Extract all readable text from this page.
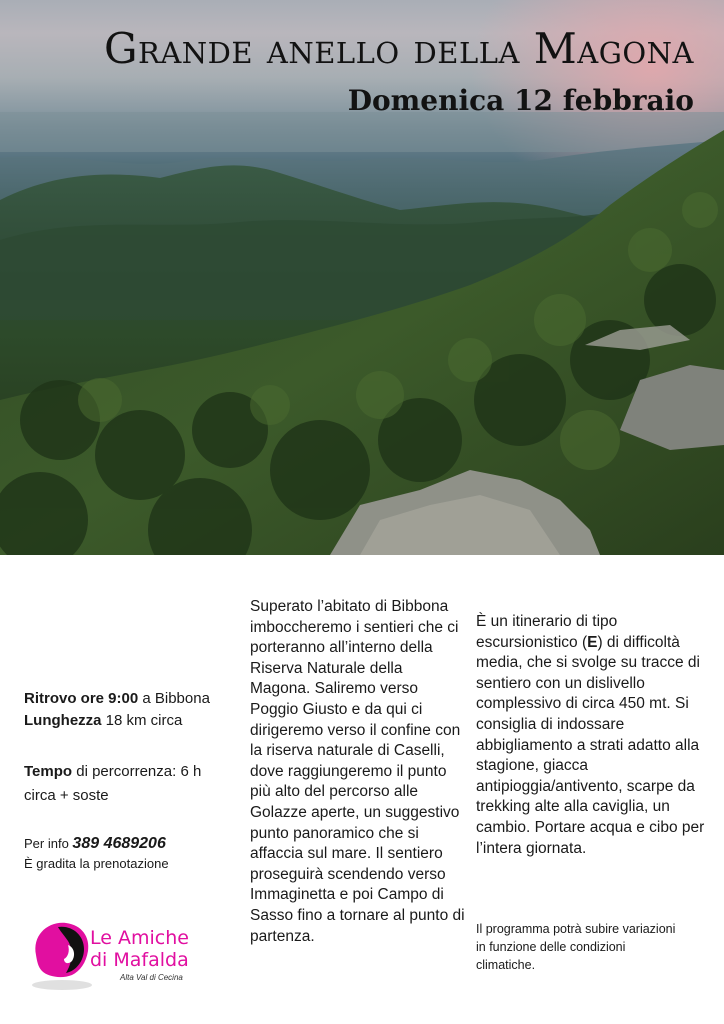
Grande anello della Magona
Domenica 12 febbraio
Ritrovo ore 9:00 a Bibbona
Lunghezza 18 km circa
Tempo di percorrenza: 6 h circa + soste
Per info 389 4689206
È gradita la prenotazione
Superato l’abitato di Bibbona imboccheremo i sentieri che ci porteranno all’interno della Riserva Naturale della Magona. Saliremo verso Poggio Giusto e da qui ci dirigeremo verso il confine con la riserva naturale di Caselli, dove raggiungeremo il punto più alto del percorso alle Golazze aperte, un suggestivo punto panoramico che si affaccia sul mare. Il sentiero proseguirà scendendo verso Immaginetta e poi Campo di Sasso fino a tornare al punto di partenza.
È un itinerario di tipo escursionistico (E) di difficoltà media, che si svolge su tracce di sentiero con un dislivello complessivo di circa 450 mt. Si consiglia di indossare abbigliamento a strati adatto alla stagione, giacca antipioggia/antivento, scarpe da trekking alte alla caviglia, un cambio. Portare acqua e cibo per l’intera giornata.
Il programma potrà subire variazioni in funzione delle condizioni climatiche.
Le Amiche
di Mafalda
Alta Val di Cecina
